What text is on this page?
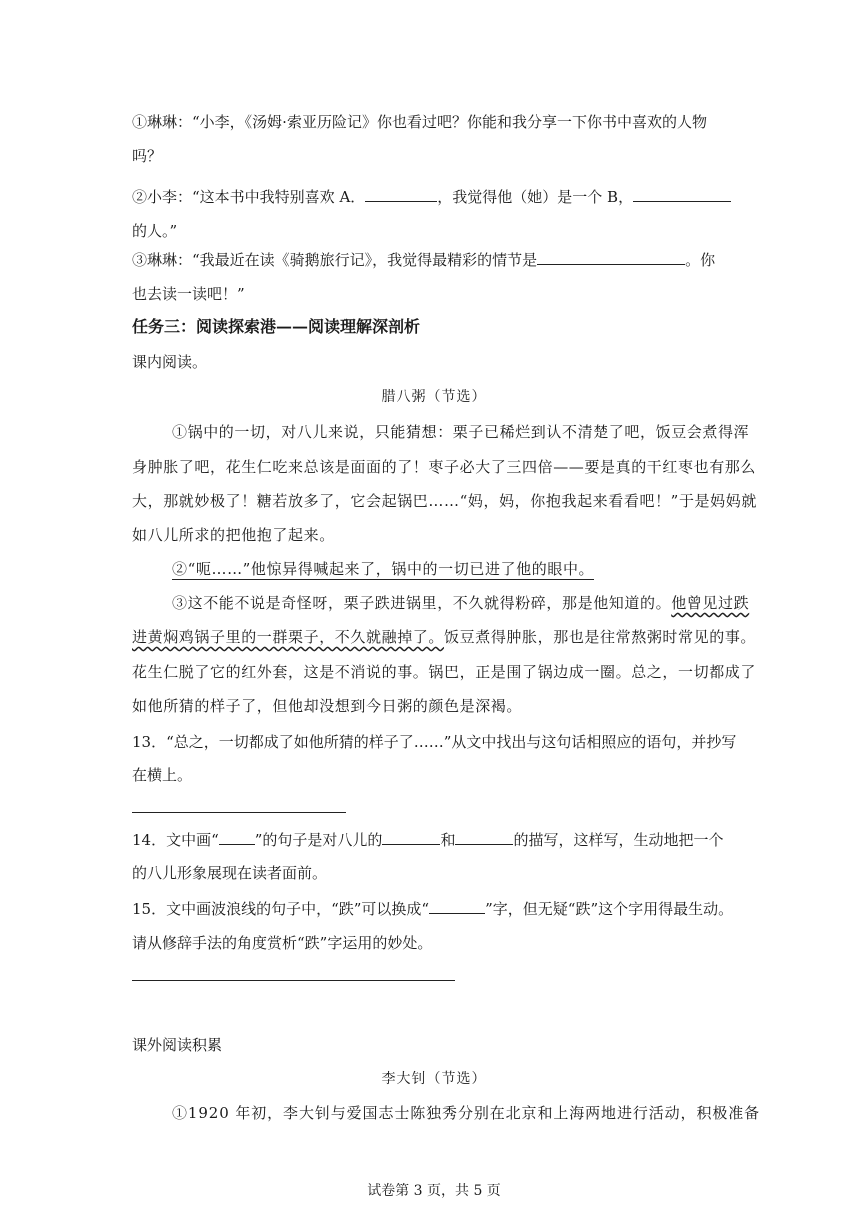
①琳琳：“小李，《汤姆·索亚历险记》你也看过吧？你能和我分享一下你书中喜欢的人物
吗？
②小李：“这本书中我特别喜欢 A．	，我觉得他（她）是一个 B，
的人。”
③琳琳：“我最近在读《骑鹅旅行记》，我觉得最精彩的情节是	。你
也去读一读吧！”
任务三：阅读探索港——阅读理解深剖析
课内阅读。
腊八粥（节选）
①锅中的一切，对八儿来说，只能猜想：栗子已稀烂到认不清楚了吧，饭豆会煮得浑
身肿胀了吧，花生仁吃来总该是面面的了！枣子必大了三四倍——要是真的干红枣也有那么
大，那就妙极了！糖若放多了，它会起锅巴……“妈，妈，你抱我起来看看吧！”于是妈妈就
如八儿所求的把他抱了起来。
②“呃……”他惊异得喊起来了，锅中的一切已进了他的眼中。
③这不能不说是奇怪呀，栗子跌进锅里，不久就得粉碎，那是他知道的。他曾见过跌
进黄焖鸡锅子里的一群栗子，不久就融掉了。饭豆煮得肿胀，那也是往常熬粥时常见的事。
花生仁脱了它的红外套，这是不消说的事。锅巴，正是围了锅边成一圈。总之，一切都成了
如他所猜的样子了，但他却没想到今日粥的颜色是深褐。
13．“总之，一切都成了如他所猜的样子了……”从文中找出与这句话相照应的语句，并抄写
在横上。
14．文中画“ ”的句子是对八儿的	和	的描写，这样写，生动地把一个
的八儿形象展现在读者面前。
15．文中画波浪线的句子中，“跌”可以换成“	”字，但无疑“跌”这个字用得最生动。
请从修辞手法的角度赏析“跌”字运用的妙处。
课外阅读积累
李大钊（节选）
①1920 年初，李大钊与爱国志士陈独秀分别在北京和上海两地进行活动，积极准备
试卷第 3 页，共 5 页
